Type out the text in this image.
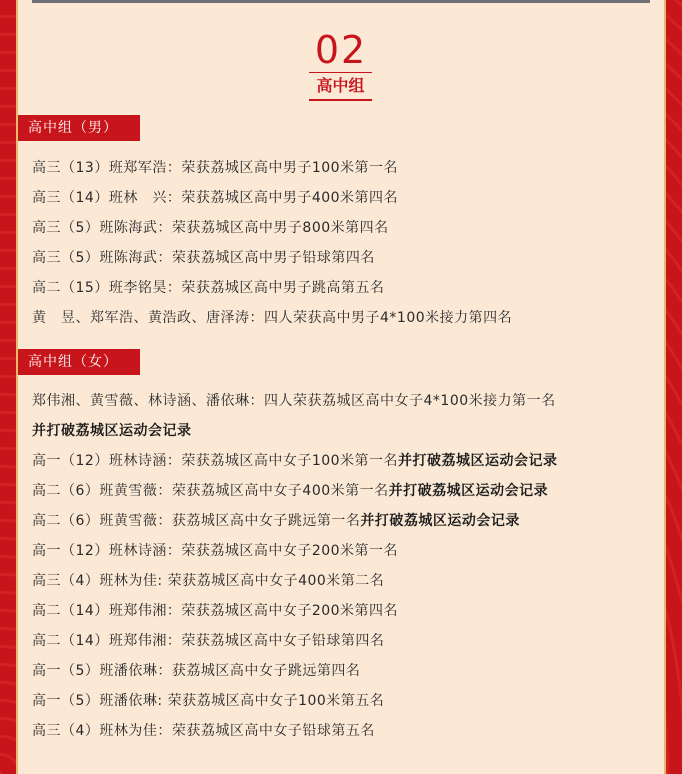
02
高中组
高中组（男）
高三（13）班郑军浩：荣获荔城区高中男子100米第一名
高三（14）班林　兴：荣获荔城区高中男子400米第四名
高三（5）班陈海武：荣获荔城区高中男子800米第四名
高三（5）班陈海武：荣获荔城区高中男子铅球第四名
高二（15）班李铭昊：荣获荔城区高中男子跳高第五名
黄　昱、郑军浩、黄浩政、唐泽涛：四人荣获高中男子4*100米接力第四名
高中组（女）
郑伟湘、黄雪薇、林诗涵、潘依琳：四人荣获荔城区高中女子4*100米接力第一名
并打破荔城区运动会记录
高一（12）班林诗涵：荣获荔城区高中女子100米第一名并打破荔城区运动会记录
高二（6）班黄雪薇：荣获荔城区高中女子400米第一名并打破荔城区运动会记录
高二（6）班黄雪薇：获荔城区高中女子跳远第一名并打破荔城区运动会记录
高一（12）班林诗涵：荣获荔城区高中女子200米第一名
高三（4）班林为佳: 荣获荔城区高中女子400米第二名
高二（14）班郑伟湘：荣获荔城区高中女子200米第四名
高二（14）班郑伟湘：荣获荔城区高中女子铅球第四名
高一（5）班潘依琳：获荔城区高中女子跳远第四名
高一（5）班潘依琳: 荣获荔城区高中女子100米第五名
高三（4）班林为佳：荣获荔城区高中女子铅球第五名
